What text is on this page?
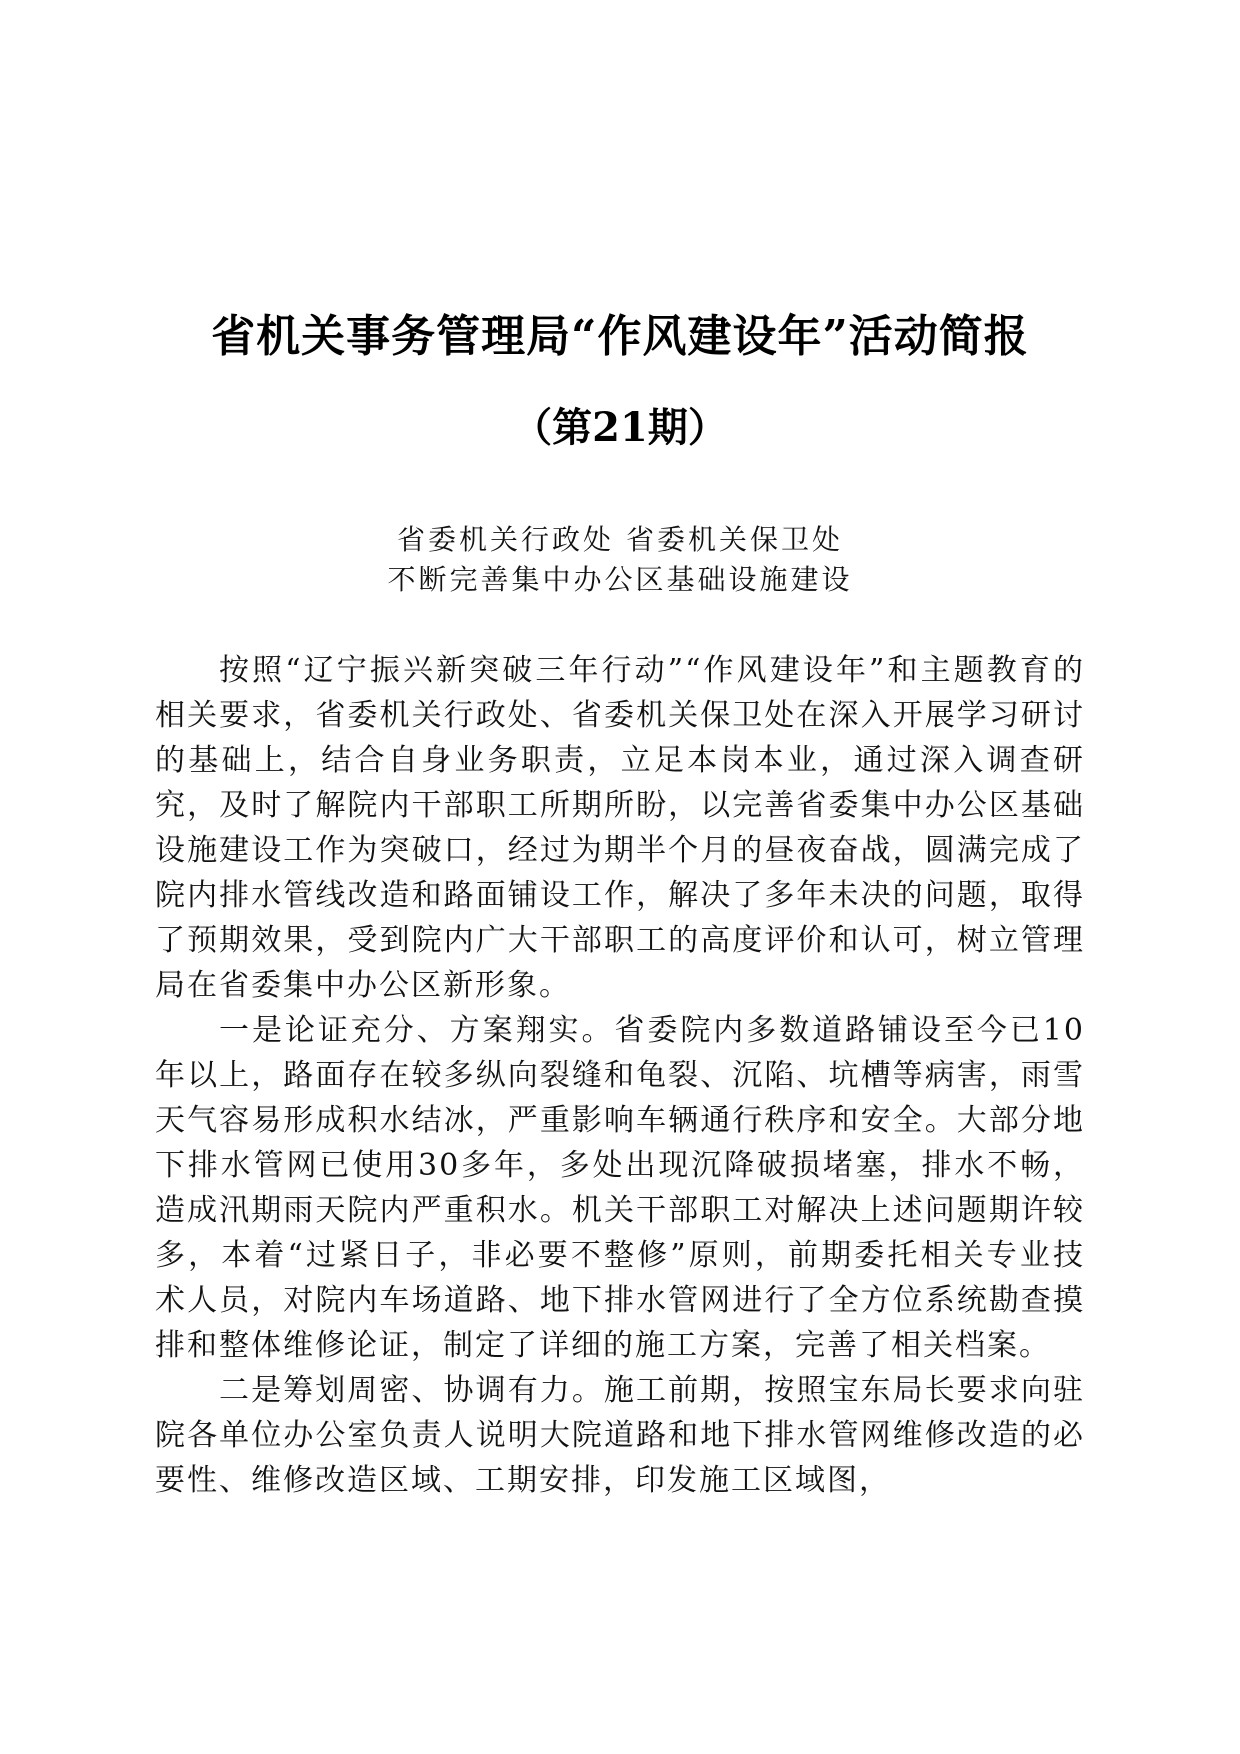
省机关事务管理局“作风建设年”活动简报
（第21期）
省委机关行政处 省委机关保卫处
不断完善集中办公区基础设施建设

按照“辽宁振兴新突破三年行动”“作风建设年”和主题教育的相关要求，省委机关行政处、省委机关保卫处在深入开展学习研讨的基础上，结合自身业务职责，立足本岗本业，通过深入调查研究，及时了解院内干部职工所期所盼，以完善省委集中办公区基础设施建设工作为突破口，经过为期半个月的昼夜奋战，圆满完成了院内排水管线改造和路面铺设工作，解决了多年未决的问题，取得了预期效果，受到院内广大干部职工的高度评价和认可，树立管理局在省委集中办公区新形象。

一是论证充分、方案翔实。省委院内多数道路铺设至今已10年以上，路面存在较多纵向裂缝和龟裂、沉陷、坑槽等病害，雨雪天气容易形成积水结冰，严重影响车辆通行秩序和安全。大部分地下排水管网已使用30多年，多处出现沉降破损堵塞，排水不畅，造成汛期雨天院内严重积水。机关干部职工对解决上述问题期许较多，本着“过紧日子，非必要不整修”原则，前期委托相关专业技术人员，对院内车场道路、地下排水管网进行了全方位系统勘查摸排和整体维修论证，制定了详细的施工方案，完善了相关档案。

二是筹划周密、协调有力。施工前期，按照宝东局长要求向驻院各单位办公室负责人说明大院道路和地下排水管网维修改造的必要性、维修改造区域、工期安排，印发施工区域图，
